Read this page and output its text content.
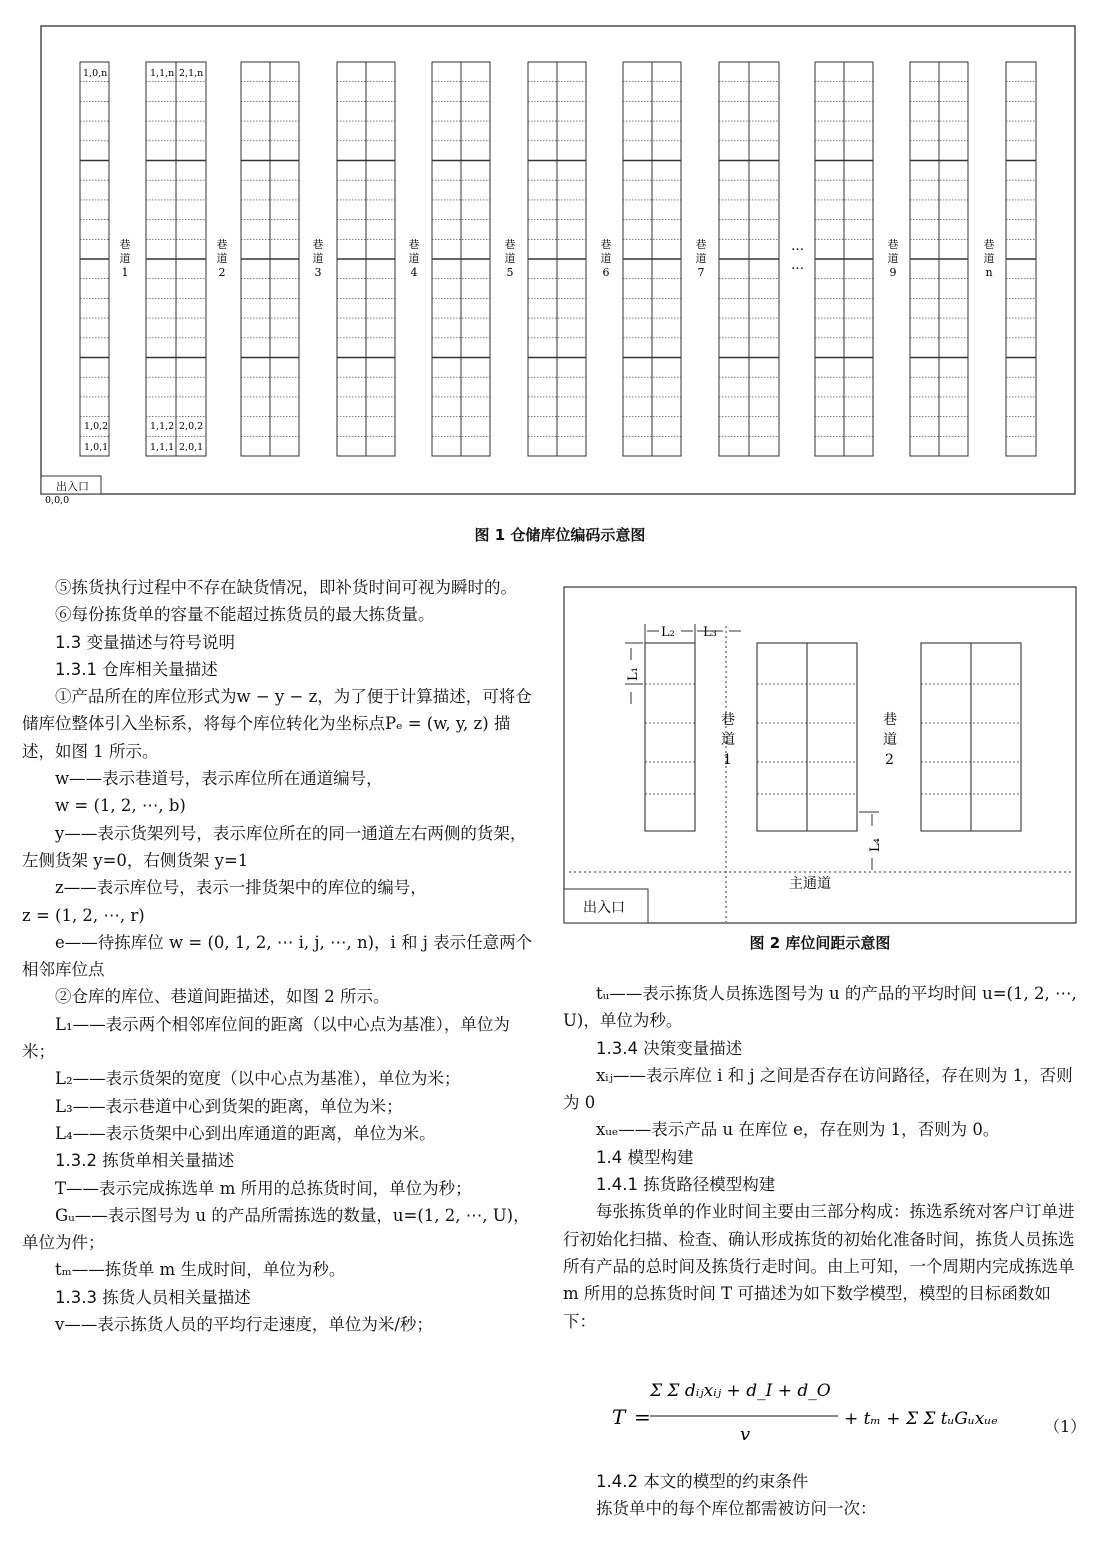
巷
道
1
巷
道
2
巷
道
3
巷
道
4
巷
道
5
巷
道
6
巷
道
7
巷
道
9
巷
道
n
1,0,n	1,1,n 2,1,n
1,0,2	1,1,2 2,0,2
1,0,1	1,1,1 2,0,1
出入口
0,0,0
…
…
图 1 仓储库位编码示意图

⑤拣货执行过程中不存在缺货情况，即补货时间可视为瞬时的。

⑥每份拣货单的容量不能超过拣货员的最大拣货量。

1.3 变量描述与符号说明

1.3.1 仓库相关量描述

①产品所在的库位形式为w − y − z，为了便于计算描述，可将仓储库位整体引入坐标系，将每个库位转化为坐标点Pₑ = (w, y, z) 描述，如图 1 所示。

w——表示巷道号，表示库位所在通道编号，

w = (1, 2, ⋯, b)

y——表示货架列号，表示库位所在的同一通道左右两侧的货架，左侧货架 y=0，右侧货架 y=1

z——表示库位号，表示一排货架中的库位的编号，

z = (1, 2, ⋯, r)

e——待拣库位 w = (0, 1, 2, ⋯ i, j, ⋯, n)，i 和 j 表示任意两个相邻库位点

②仓库的库位、巷道间距描述，如图 2 所示。

L₁——表示两个相邻库位间的距离（以中心点为基准），单位为米；

L₂——表示货架的宽度（以中心点为基准），单位为米；

L₃——表示巷道中心到货架的距离，单位为米；

L₄——表示货架中心到出库通道的距离，单位为米。

1.3.2 拣货单相关量描述

T——表示完成拣选单 m 所用的总拣货时间，单位为秒；

Gᵤ——表示图号为 u 的产品所需拣选的数量，u=(1, 2, ⋯, U)，单位为件；

tₘ——拣货单 m 生成时间，单位为秒。

1.3.3 拣货人员相关量描述

v——表示拣货人员的平均行走速度，单位为米/秒；

L₂ L₃
L₁
L₄
巷
道
1
巷
道
2
主通道
出入口
图 2 库位间距示意图

tᵤ——表示拣货人员拣选图号为 u 的产品的平均时间 u=(1, 2, ⋯, U)，单位为秒。

1.3.4 决策变量描述

xᵢⱼ——表示库位 i 和 j 之间是否存在访问路径，存在则为 1，否则为 0

xᵤₑ——表示产品 u 在库位 e，存在则为 1，否则为 0。

1.4 模型构建

1.4.1 拣货路径模型构建

每张拣货单的作业时间主要由三部分构成：拣选系统对客户订单进行初始化扫描、检查、确认形成拣货的初始化准备时间，拣货人员拣选所有产品的总时间及拣货行走时间。由上可知，一个周期内完成拣选单 m 所用的总拣货时间 T 可描述为如下数学模型，模型的目标函数如下：

T =
Σ Σ dᵢⱼxᵢⱼ + d_I + d_O
v
+ tₘ + Σ Σ tᵤGᵤxᵤₑ	（1）

1.4.2 本文的模型的约束条件

拣货单中的每个库位都需被访问一次：
